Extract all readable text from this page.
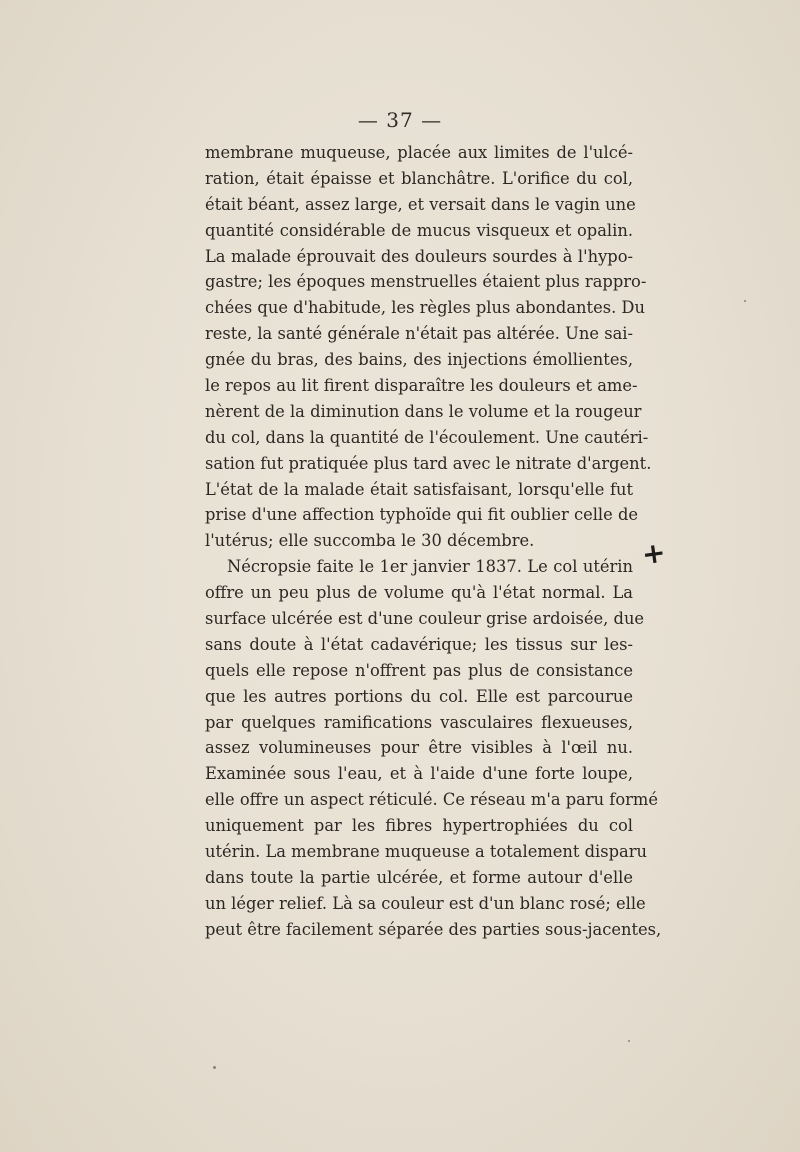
— 37 —
membrane muqueuse, placée aux limites de l'ulcé-
ration, était épaisse et blanchâtre. L'orifice du col,
était béant, assez large, et versait dans le vagin une
quantité considérable de mucus visqueux et opalin.
La malade éprouvait des douleurs sourdes à l'hypo-
gastre; les époques menstruelles étaient plus rappro-
chées que d'habitude, les règles plus abondantes. Du
reste, la santé générale n'était pas altérée. Une sai-
gnée du bras, des bains, des injections émollientes,
le repos au lit firent disparaître les douleurs et ame-
nèrent de la diminution dans le volume et la rougeur
du col, dans la quantité de l'écoulement. Une cautéri-
sation fut pratiquée plus tard avec le nitrate d'argent.
L'état de la malade était satisfaisant, lorsqu'elle fut
prise d'une affection typhoïde qui fit oublier celle de
l'utérus; elle succomba le 30 décembre.
Nécropsie faite le 1er janvier 1837. Le col utérin
offre un peu plus de volume qu'à l'état normal. La
surface ulcérée est d'une couleur grise ardoisée, due
sans doute à l'état cadavérique; les tissus sur les-
quels elle repose n'offrent pas plus de consistance
que les autres portions du col. Elle est parcourue
par quelques ramifications vasculaires flexueuses,
assez volumineuses pour être visibles à l'œil nu.
Examinée sous l'eau, et à l'aide d'une forte loupe,
elle offre un aspect réticulé. Ce réseau m'a paru formé
uniquement par les fibres hypertrophiées du col
utérin. La membrane muqueuse a totalement disparu
dans toute la partie ulcérée, et forme autour d'elle
un léger relief. Là sa couleur est d'un blanc rosé; elle
peut être facilement séparée des parties sous-jacentes,
+
